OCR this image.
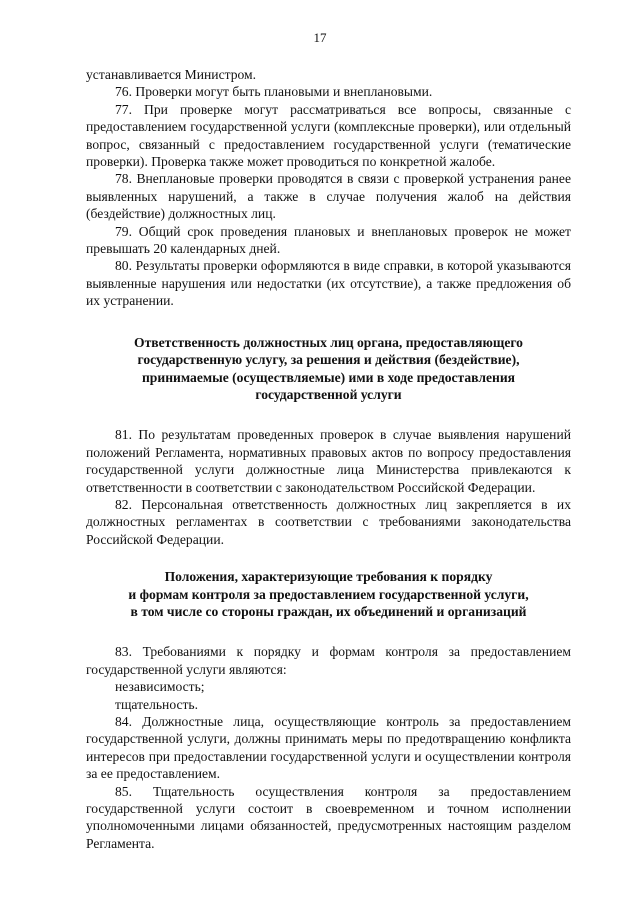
17

устанавливается Министром.

76. Проверки могут быть плановыми и внеплановыми.

77. При проверке могут рассматриваться все вопросы, связанные с предоставлением государственной услуги (комплексные проверки), или отдельный вопрос, связанный с предоставлением государственной услуги (тематические проверки). Проверка также может проводиться по конкретной жалобе.

78. Внеплановые проверки проводятся в связи с проверкой устранения ранее выявленных нарушений, а также в случае получения жалоб на действия (бездействие) должностных лиц.

79. Общий срок проведения плановых и внеплановых проверок не может превышать 20 календарных дней.

80. Результаты проверки оформляются в виде справки, в которой указываются выявленные нарушения или недостатки (их отсутствие), а также предложения об их устранении.

Ответственность должностных лиц органа, предоставляющего
государственную услугу, за решения и действия (бездействие),
принимаемые (осуществляемые) ими в ходе предоставления
государственной услуги

81. По результатам проведенных проверок в случае выявления нарушений положений Регламента, нормативных правовых актов по вопросу предоставления государственной услуги должностные лица Министерства привлекаются к ответственности в соответствии с законодательством Российской Федерации.

82. Персональная ответственность должностных лиц закрепляется в их должностных регламентах в соответствии с требованиями законодательства Российской Федерации.

Положения, характеризующие требования к порядку
и формам контроля за предоставлением государственной услуги,
в том числе со стороны граждан, их объединений и организаций

83. Требованиями к порядку и формам контроля за предоставлением государственной услуги являются:

независимость;

тщательность.

84. Должностные лица, осуществляющие контроль за предоставлением государственной услуги, должны принимать меры по предотвращению конфликта интересов при предоставлении государственной услуги и осуществлении контроля за ее предоставлением.

85. Тщательность осуществления контроля за предоставлением государственной услуги состоит в своевременном и точном исполнении уполномоченными лицами обязанностей, предусмотренных настоящим разделом Регламента.
